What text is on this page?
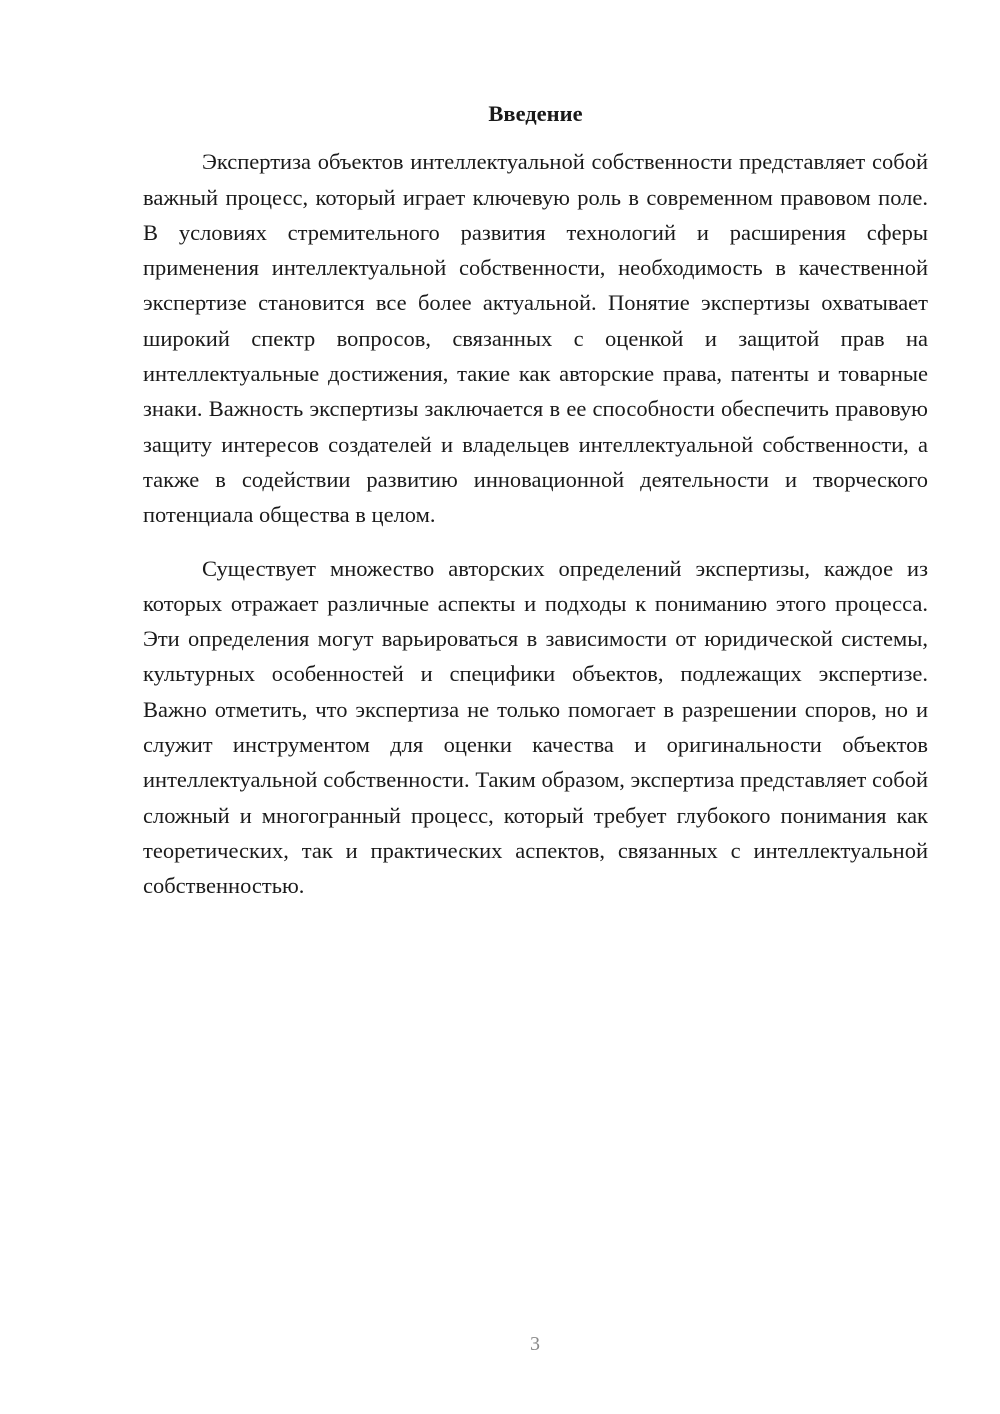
Введение

Экспертиза объектов интеллектуальной собственности представляет собой важный процесс, который играет ключевую роль в современном правовом поле. В условиях стремительного развития технологий и расширения сферы применения интеллектуальной собственности, необходимость в качественной экспертизе становится все более актуальной. Понятие экспертизы охватывает широкий спектр вопросов, связанных с оценкой и защитой прав на интеллектуальные достижения, такие как авторские права, патенты и товарные знаки. Важность экспертизы заключается в ее способности обеспечить правовую защиту интересов создателей и владельцев интеллектуальной собственности, а также в содействии развитию инновационной деятельности и творческого потенциала общества в целом.

Существует множество авторских определений экспертизы, каждое из которых отражает различные аспекты и подходы к пониманию этого процесса. Эти определения могут варьироваться в зависимости от юридической системы, культурных особенностей и специфики объектов, подлежащих экспертизе. Важно отметить, что экспертиза не только помогает в разрешении споров, но и служит инструментом для оценки качества и оригинальности объектов интеллектуальной собственности. Таким образом, экспертиза представляет собой сложный и многогранный процесс, который требует глубокого понимания как теоретических, так и практических аспектов, связанных с интеллектуальной собственностью.

3
